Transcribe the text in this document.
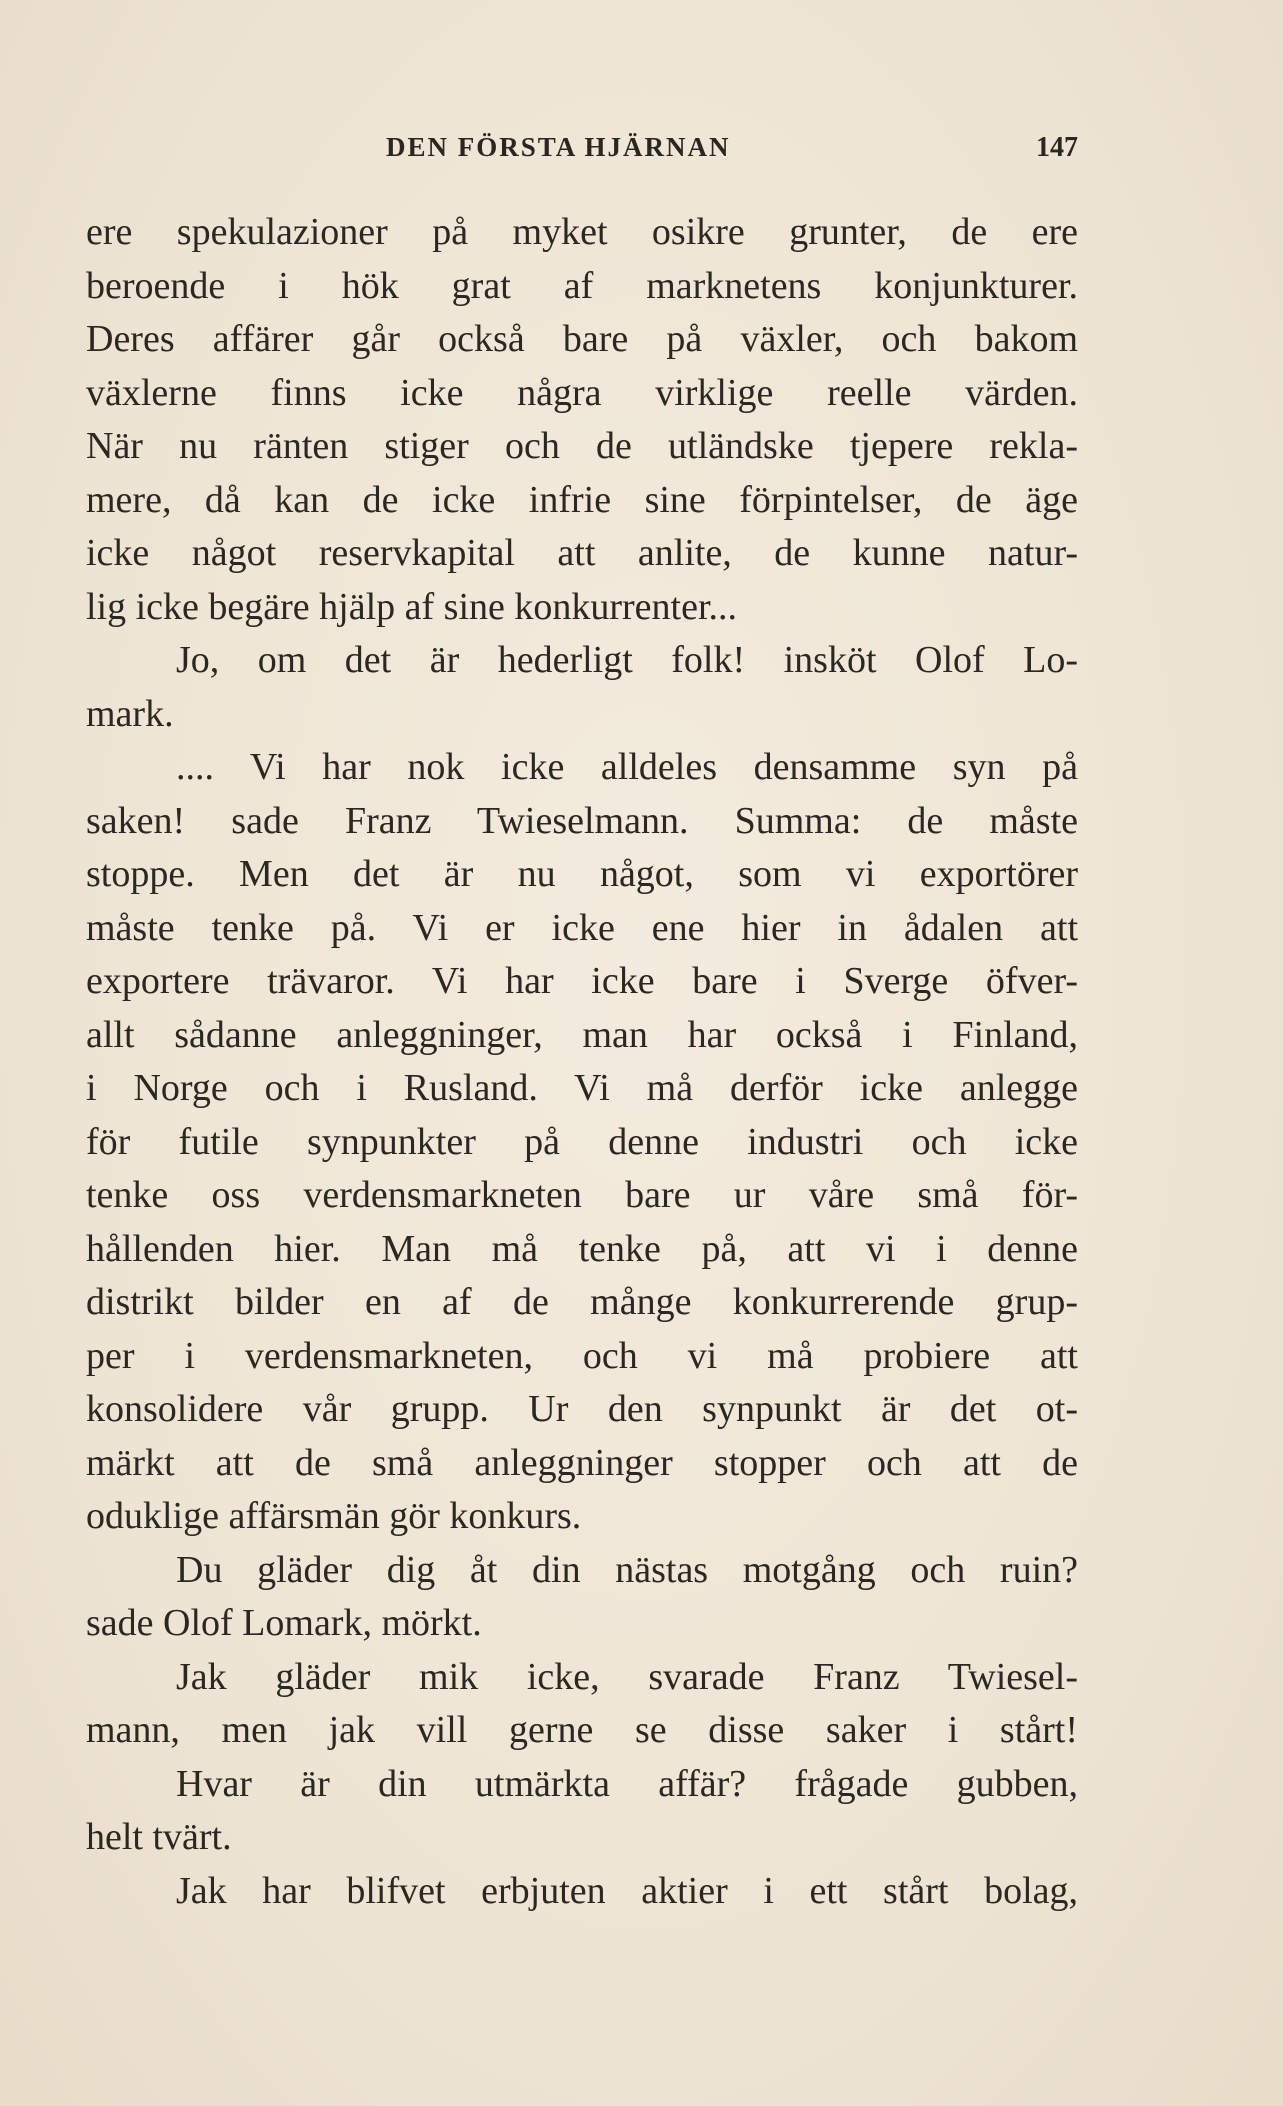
DEN FÖRSTA HJÄRNAN	147
ere spekulazioner på myket osikre grunter, de ere
beroende i hök grat af marknetens konjunkturer.
Deres affärer går också bare på växler, och bakom
växlerne finns icke några virklige reelle värden.
När nu ränten stiger och de utländske tjepere rekla-
mere, då kan de icke infrie sine förpintelser, de äge
icke något reservkapital att anlite, de kunne natur-
lig icke begäre hjälp af sine konkurrenter...
Jo, om det är hederligt folk! insköt Olof Lo-
mark.
.... Vi har nok icke alldeles densamme syn på
saken! sade Franz Twieselmann. Summa: de måste
stoppe. Men det är nu något, som vi exportörer
måste tenke på. Vi er icke ene hier in ådalen att
exportere trävaror. Vi har icke bare i Sverge öfver-
allt sådanne anleggninger, man har också i Finland,
i Norge och i Rusland. Vi må derför icke anlegge
för futile synpunkter på denne industri och icke
tenke oss verdensmarkneten bare ur våre små för-
hållenden hier. Man må tenke på, att vi i denne
distrikt bilder en af de månge konkurrerende grup-
per i verdensmarkneten, och vi må probiere att
konsolidere vår grupp. Ur den synpunkt är det ot-
märkt att de små anleggninger stopper och att de
oduklige affärsmän gör konkurs.
Du gläder dig åt din nästas motgång och ruin?
sade Olof Lomark, mörkt.
Jak gläder mik icke, svarade Franz Twiesel-
mann, men jak vill gerne se disse saker i stårt!
Hvar är din utmärkta affär? frågade gubben,
helt tvärt.
Jak har blifvet erbjuten aktier i ett stårt bolag,
